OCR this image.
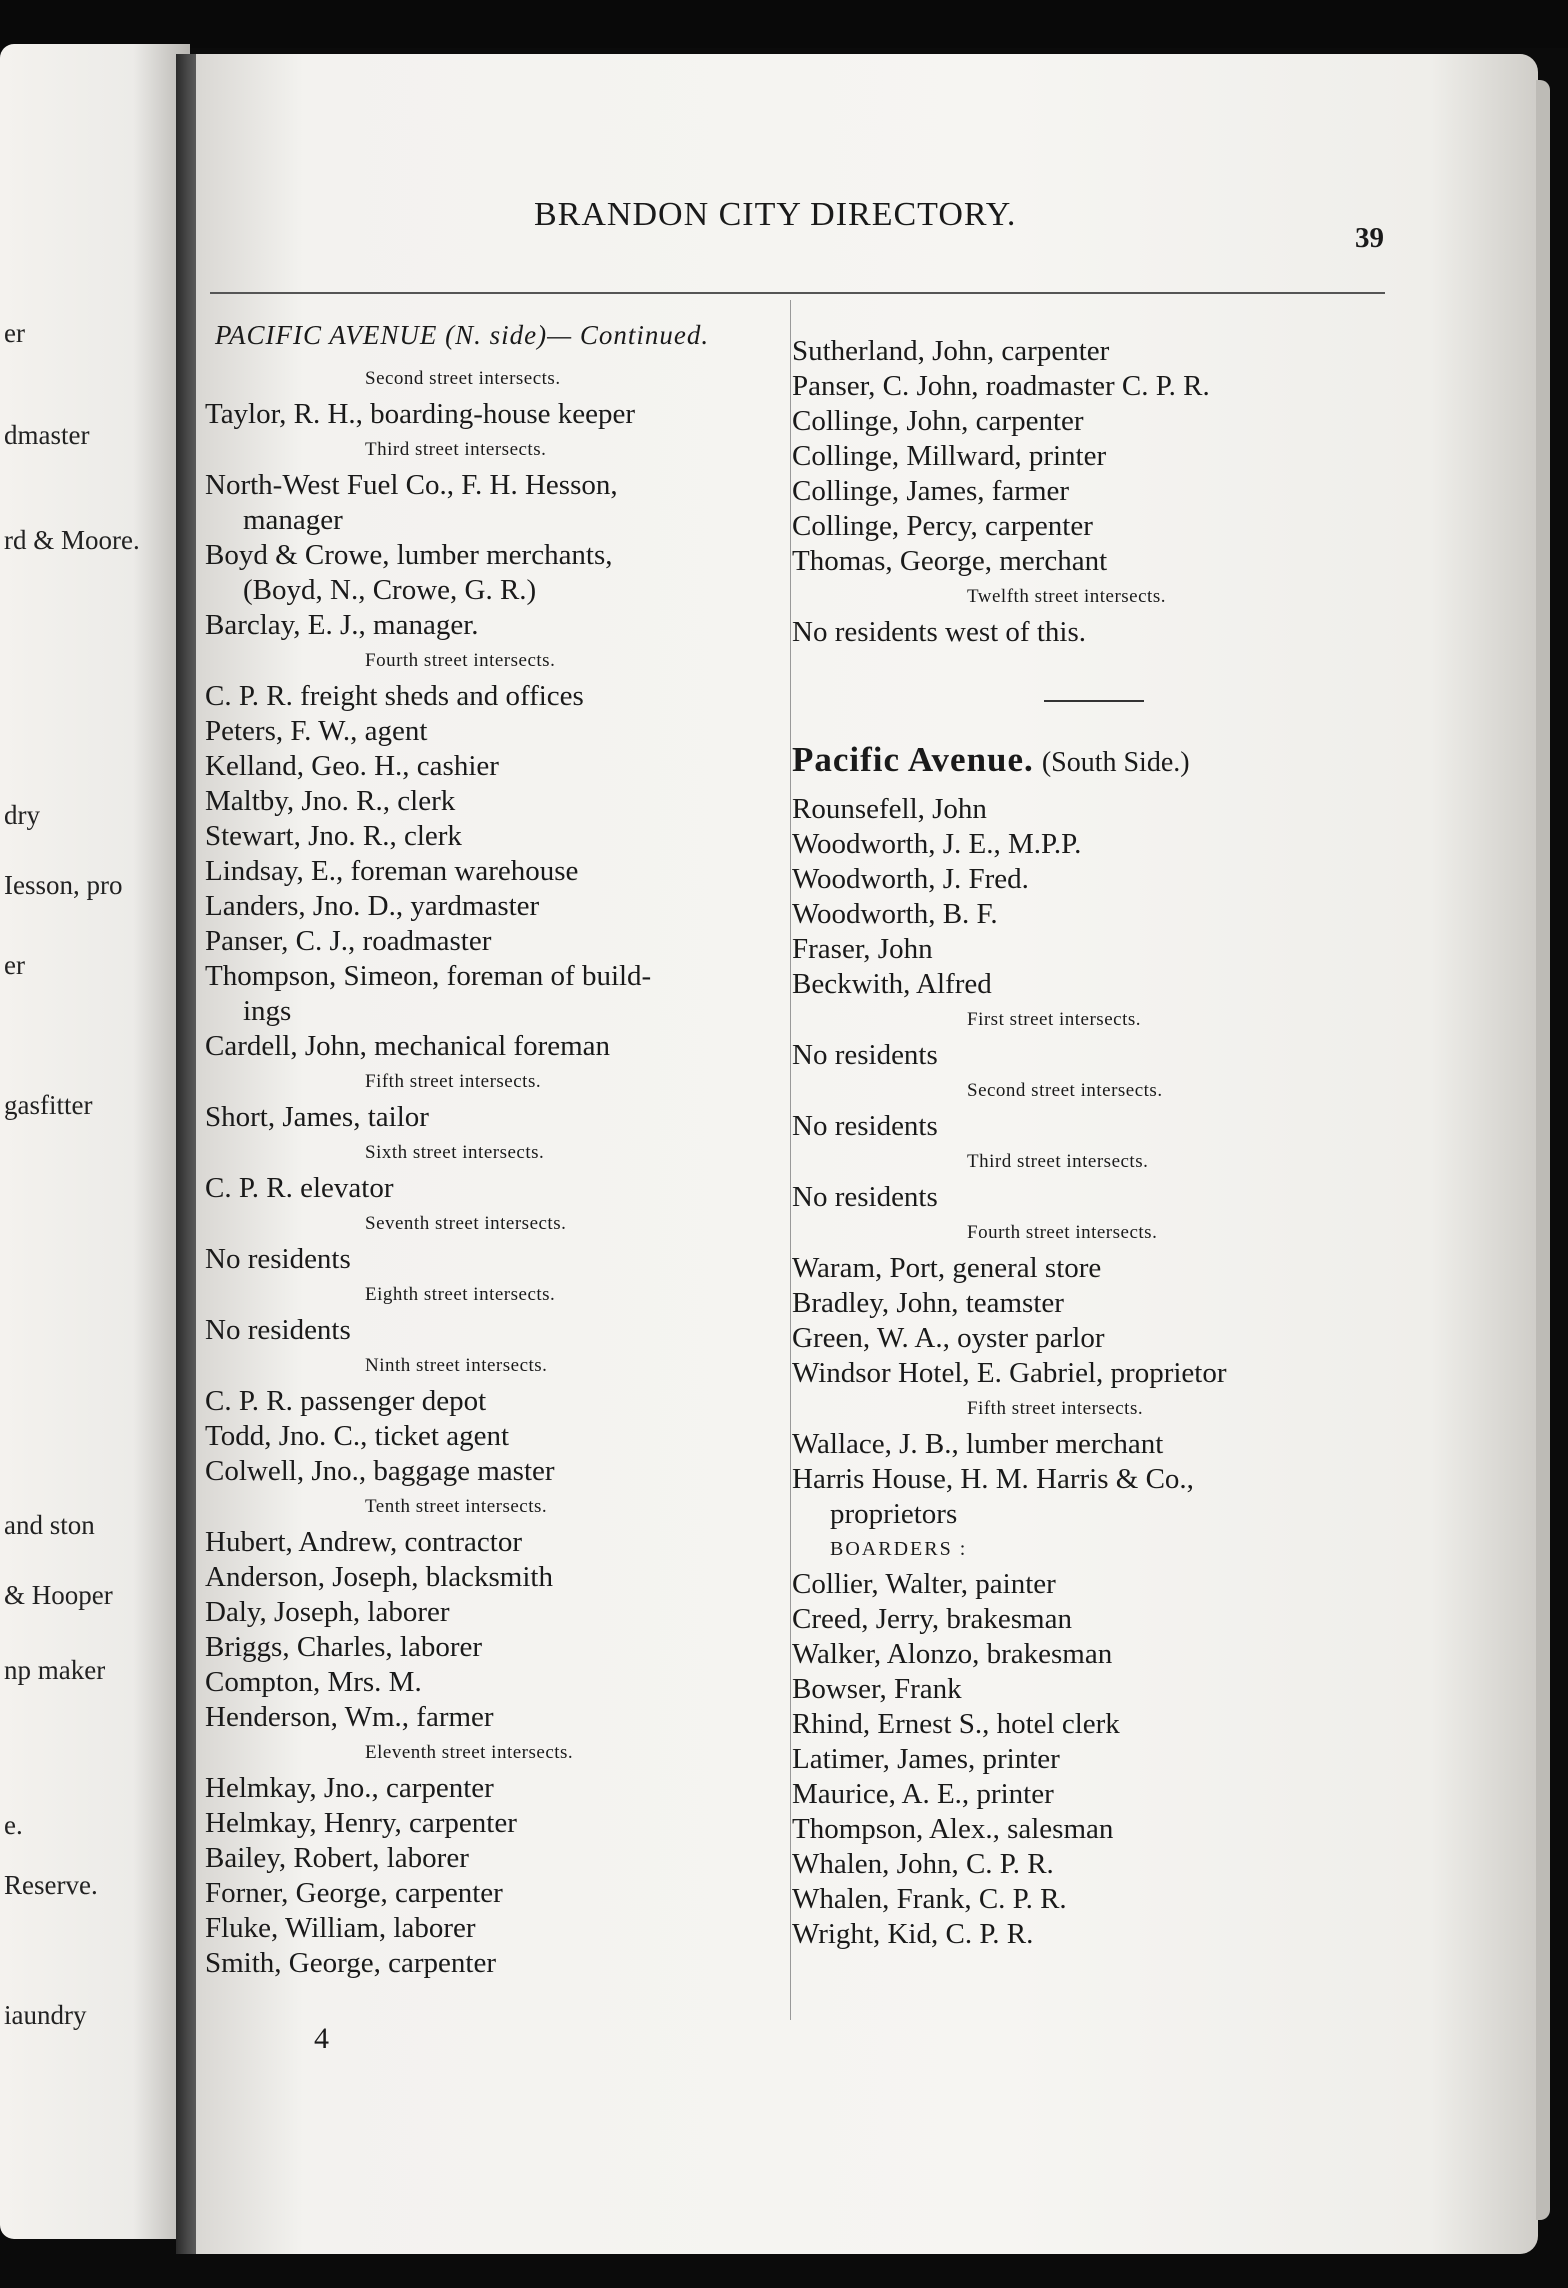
er
dmaster
rd & Moore.
dry
Iesson, pro
er
gasfitter
and ston
& Hooper
np maker
e.
Reserve.
iaundry
BRANDON CITY DIRECTORY.
39
PACIFIC AVENUE (N. side)— Continued.
Second street intersects.
Taylor, R. H., boarding-house keeper
Third street intersects.
North-West Fuel Co., F. H. Hesson,
manager
Boyd & Crowe, lumber merchants,
(Boyd, N., Crowe, G. R.)
Barclay, E. J., manager.
Fourth street intersects.
C. P. R. freight sheds and offices
Peters, F. W., agent
Kelland, Geo. H., cashier
Maltby, Jno. R., clerk
Stewart, Jno. R., clerk
Lindsay, E., foreman warehouse
Landers, Jno. D., yardmaster
Panser, C. J., roadmaster
Thompson, Simeon, foreman of build-
ings
Cardell, John, mechanical foreman
Fifth street intersects.
Short, James, tailor
Sixth street intersects.
C. P. R. elevator
Seventh street intersects.
No residents
Eighth street intersects.
No residents
Ninth street intersects.
C. P. R. passenger depot
Todd, Jno. C., ticket agent
Colwell, Jno., baggage master
Tenth street intersects.
Hubert, Andrew, contractor
Anderson, Joseph, blacksmith
Daly, Joseph, laborer
Briggs, Charles, laborer
Compton, Mrs. M.
Henderson, Wm., farmer
Eleventh street intersects.
Helmkay, Jno., carpenter
Helmkay, Henry, carpenter
Bailey, Robert, laborer
Forner, George, carpenter
Fluke, William, laborer
Smith, George, carpenter
Sutherland, John, carpenter
Panser, C. John, roadmaster C. P. R.
Collinge, John, carpenter
Collinge, Millward, printer
Collinge, James, farmer
Collinge, Percy, carpenter
Thomas, George, merchant
Twelfth street intersects.
No residents west of this.
Pacific Avenue. (South Side.)
Rounsefell, John
Woodworth, J. E., M.P.P.
Woodworth, J. Fred.
Woodworth, B. F.
Fraser, John
Beckwith, Alfred
First street intersects.
No residents
Second street intersects.
No residents
Third street intersects.
No residents
Fourth street intersects.
Waram, Port, general store
Bradley, John, teamster
Green, W. A., oyster parlor
Windsor Hotel, E. Gabriel, proprietor
Fifth street intersects.
Wallace, J. B., lumber merchant
Harris House, H. M. Harris & Co.,
proprietors
BOARDERS :
Collier, Walter, painter
Creed, Jerry, brakesman
Walker, Alonzo, brakesman
Bowser, Frank
Rhind, Ernest S., hotel clerk
Latimer, James, printer
Maurice, A. E., printer
Thompson, Alex., salesman
Whalen, John, C. P. R.
Whalen, Frank, C. P. R.
Wright, Kid, C. P. R.
4
